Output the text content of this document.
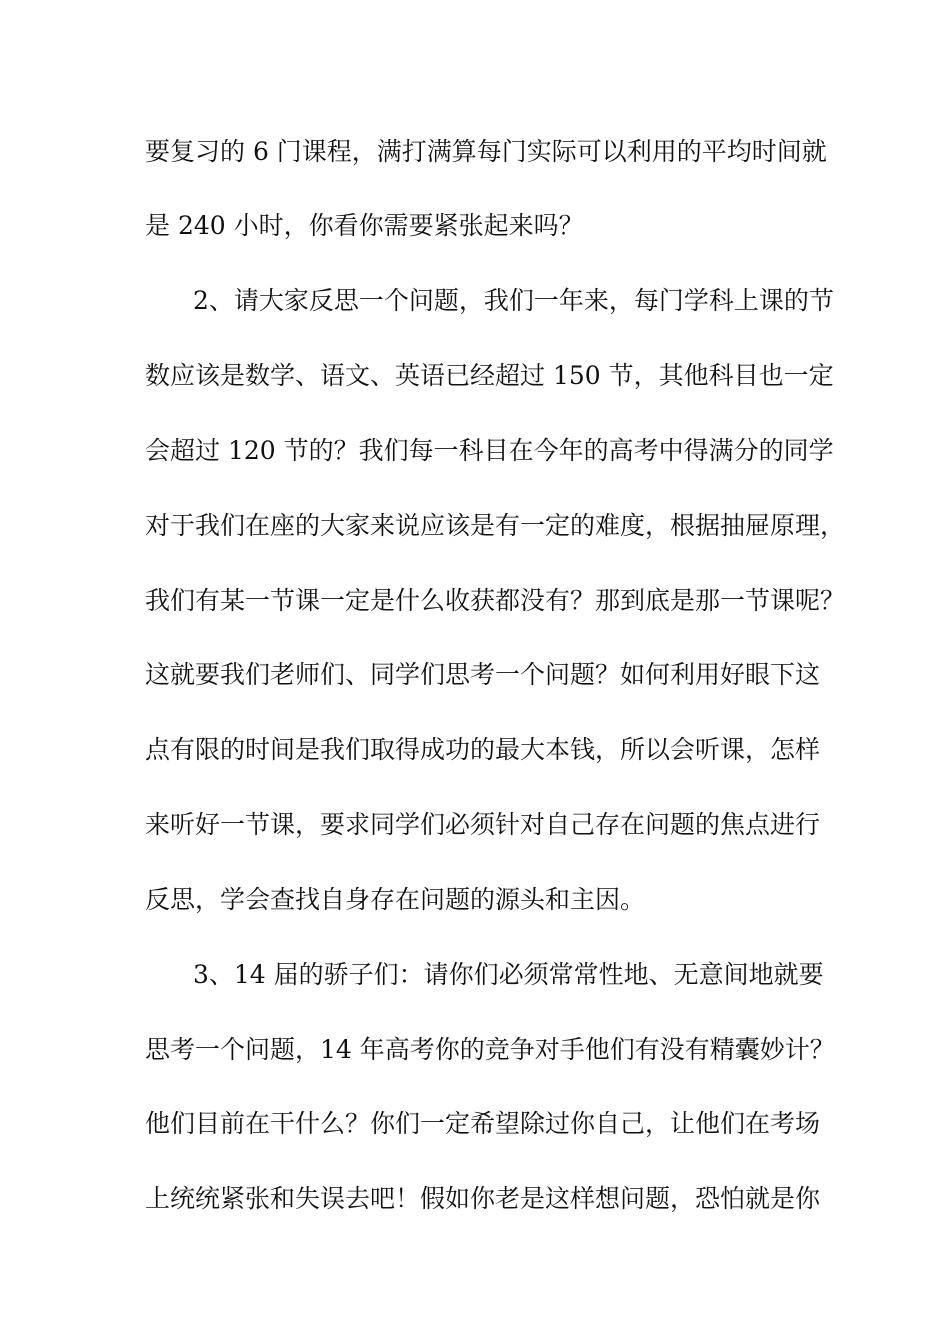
要复习的 6 门课程，满打满算每门实际可以利用的平均时间就
是 240 小时，你看你需要紧张起来吗？
2、请大家反思一个问题，我们一年来，每门学科上课的节
数应该是数学、语文、英语已经超过 150 节，其他科目也一定
会超过 120 节的？我们每一科目在今年的高考中得满分的同学
对于我们在座的大家来说应该是有一定的难度，根据抽屉原理，
我们有某一节课一定是什么收获都没有？那到底是那一节课呢？
这就要我们老师们、同学们思考一个问题？如何利用好眼下这
点有限的时间是我们取得成功的最大本钱，所以会听课，怎样
来听好一节课，要求同学们必须针对自己存在问题的焦点进行
反思，学会查找自身存在问题的源头和主因。
3、14 届的骄子们：请你们必须常常性地、无意间地就要
思考一个问题，14 年高考你的竞争对手他们有没有精囊妙计？
他们目前在干什么？你们一定希望除过你自己，让他们在考场
上统统紧张和失误去吧！假如你老是这样想问题，恐怕就是你
